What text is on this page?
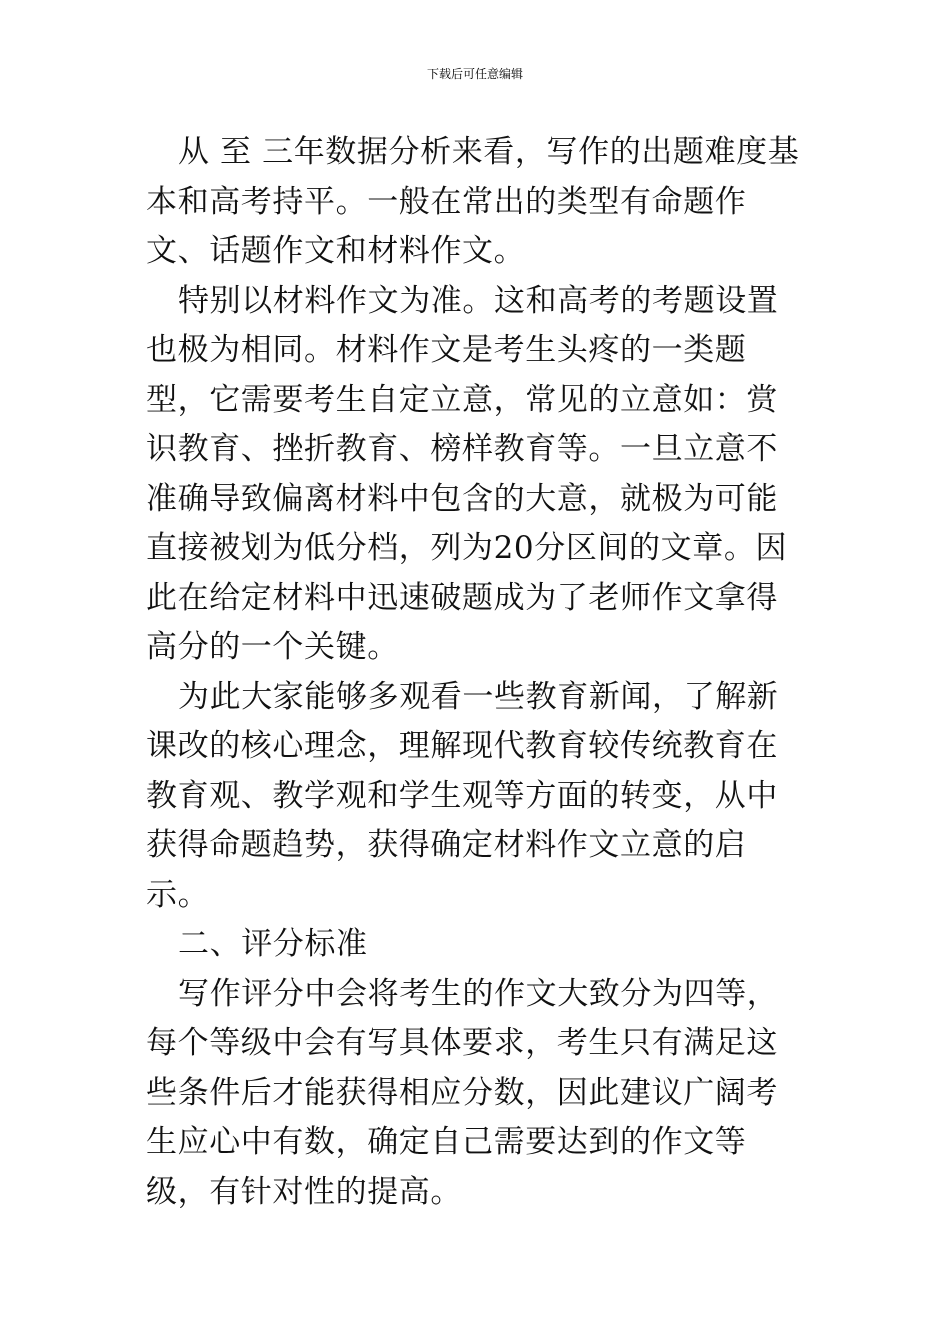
下载后可任意编辑

从 至 三年数据分析来看，写作的出题难度基本和高考持平。一般在常出的类型有命题作文、话题作文和材料作文。

特别以材料作文为准。这和高考的考题设置也极为相同。材料作文是考生头疼的一类题型，它需要考生自定立意，常见的立意如：赏识教育、挫折教育、榜样教育等。一旦立意不准确导致偏离材料中包含的大意，就极为可能直接被划为低分档，列为20分区间的文章。因此在给定材料中迅速破题成为了老师作文拿得高分的一个关键。

为此大家能够多观看一些教育新闻，了解新课改的核心理念，理解现代教育较传统教育在教育观、教学观和学生观等方面的转变，从中获得命题趋势，获得确定材料作文立意的启示。

二、评分标准

写作评分中会将考生的作文大致分为四等，每个等级中会有写具体要求，考生只有满足这些条件后才能获得相应分数，因此建议广阔考生应心中有数，确定自己需要达到的作文等级，有针对性的提高。
